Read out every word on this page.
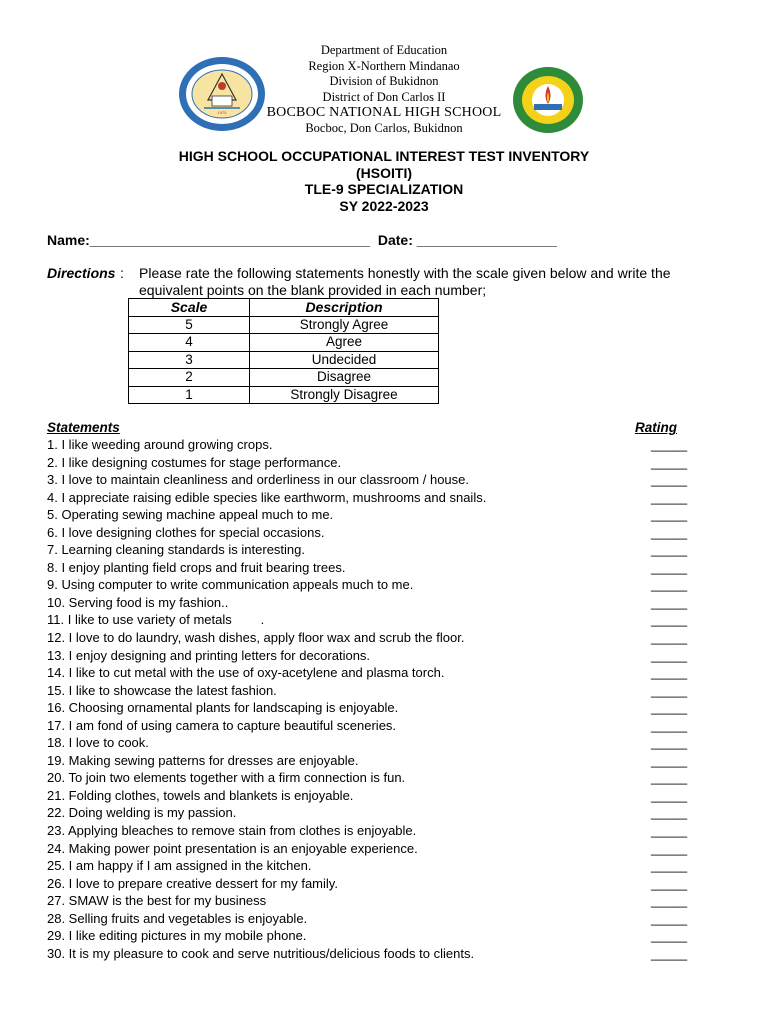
Department of Education
Region X-Northern Mindanao
Division of Bukidnon
District of Don Carlos II
BOCBOC NATIONAL HIGH SCHOOL
Bocboc, Don Carlos, Bukidnon
1975
HIGH SCHOOL OCCUPATIONAL INTEREST TEST INVENTORY
(HSOITI)
TLE-9 SPECIALIZATION
SY 2022-2023
Name:____________________________________  Date: __________________
Directions : Please rate the following statements honestly with the scale given below and write the equivalent points on the blank provided in each number;
Scale	Description
5	Strongly Agree
4	Agree
3	Undecided
2	Disagree
1	Strongly Disagree
Statements	Rating
1. I like weeding around growing crops.	_____
2. I like designing costumes for stage performance.	_____
3. I love to maintain cleanliness and orderliness in our classroom / house.	_____
4. I appreciate raising edible species like earthworm, mushrooms and snails.	_____
5. Operating sewing machine appeal much to me.	_____
6. I love designing clothes for special occasions.	_____
7. Learning cleaning standards is interesting.	_____
8. I enjoy planting field crops and fruit bearing trees.	_____
9. Using computer to write communication appeals much to me.	_____
10. Serving food is my fashion..	_____
11. I like to use variety of metals        .	_____
12. I love to do laundry, wash dishes, apply floor wax and scrub the floor.	_____
13. I enjoy designing and printing letters for decorations.	_____
14. I like to cut metal with the use of oxy-acetylene and plasma torch.	_____
15. I like to showcase the latest fashion.	_____
16. Choosing ornamental plants for landscaping is enjoyable.	_____
17. I am fond of using camera to capture beautiful sceneries.	_____
18. I love to cook.	_____
19. Making sewing patterns for dresses are enjoyable.	_____
20. To join two elements together with a firm connection is fun.	_____
21. Folding clothes, towels and blankets is enjoyable.	_____
22. Doing welding is my passion.	_____
23. Applying bleaches to remove stain from clothes is enjoyable.	_____
24. Making power point presentation is an enjoyable experience.	_____
25. I am happy if I am assigned in the kitchen.	_____
26. I love to prepare creative dessert for my family.	_____
27. SMAW is the best for my business	_____
28. Selling fruits and vegetables is enjoyable.	_____
29. I like editing pictures in my mobile phone.	_____
30. It is my pleasure to cook and serve nutritious/delicious foods to clients.	_____
